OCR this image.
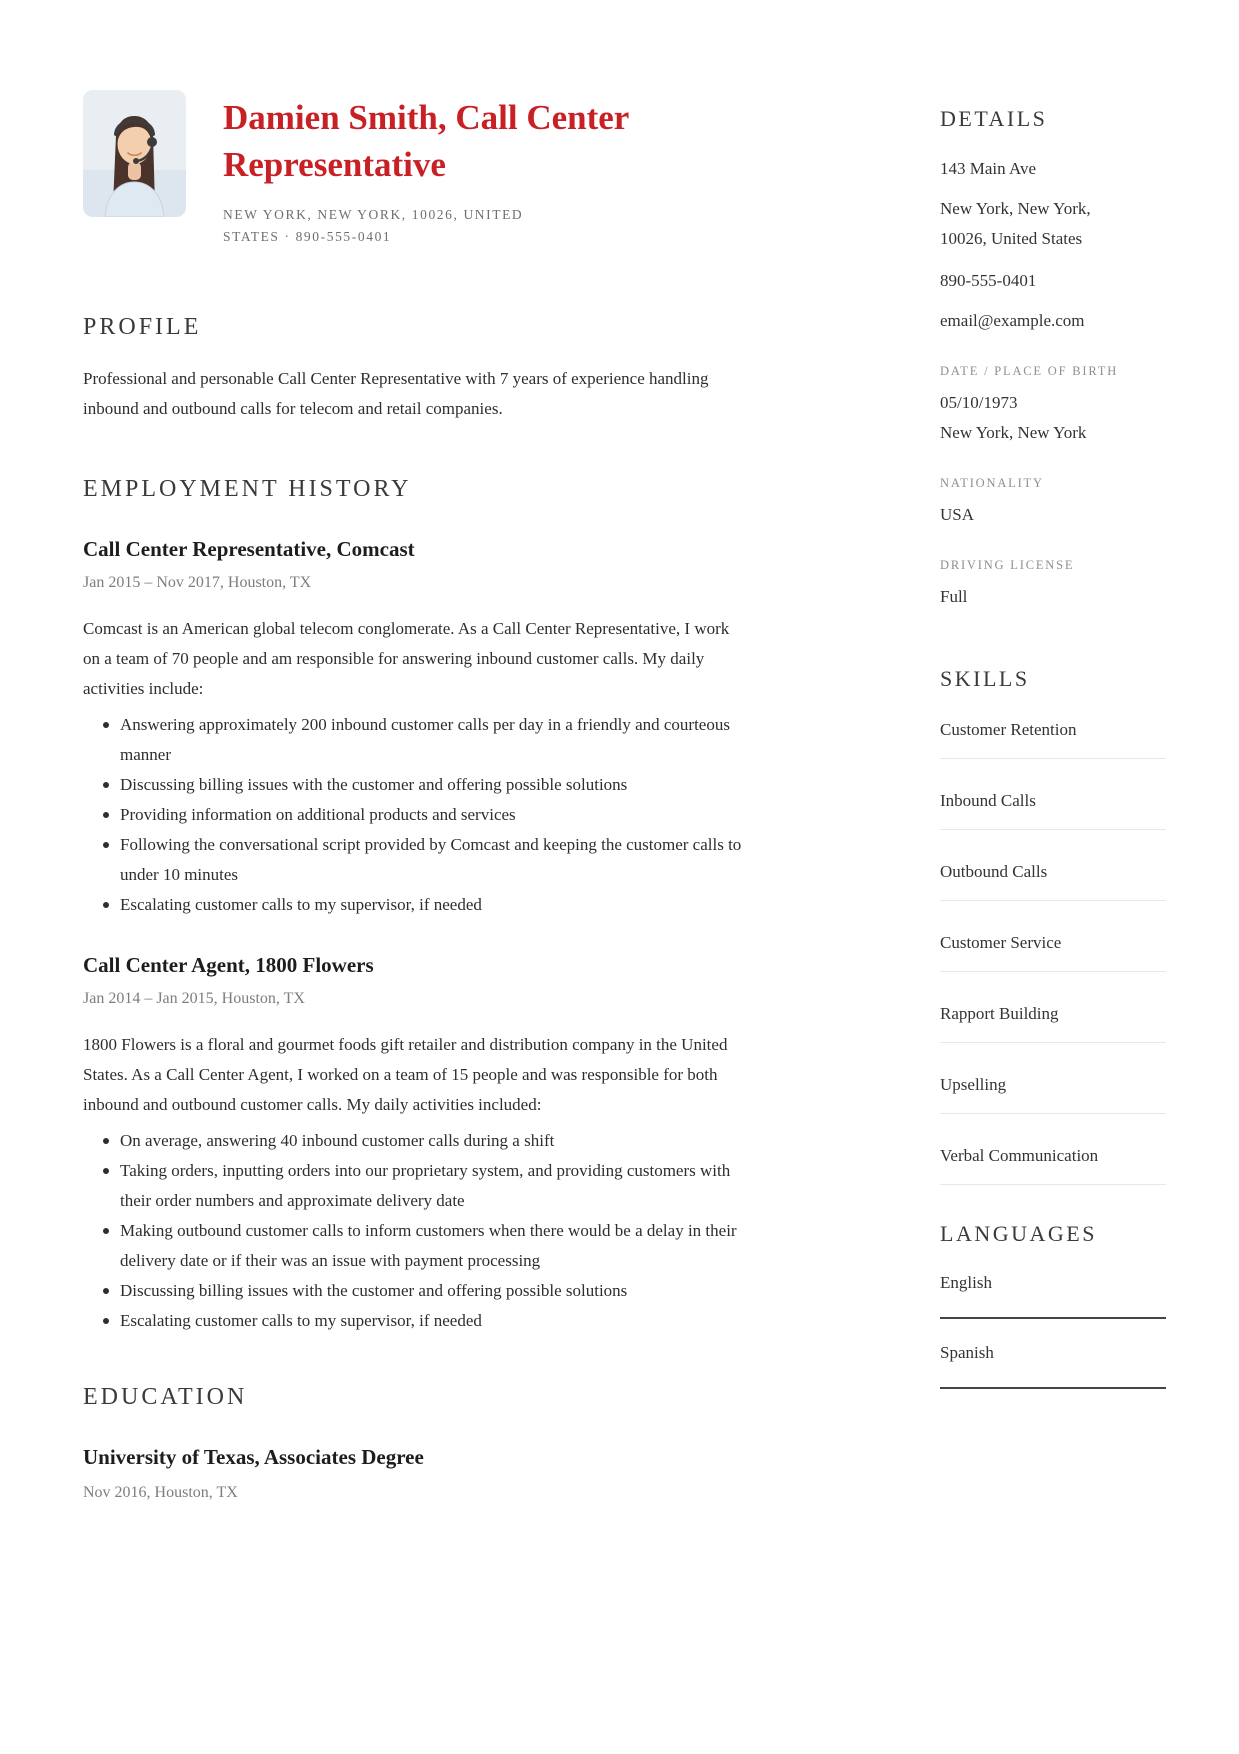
Damien Smith, Call Center Representative
NEW YORK, NEW YORK, 10026, UNITED STATES · 890-555-0401
PROFILE

Professional and personable Call Center Representative with 7 years of experience handling inbound and outbound calls for telecom and retail companies.

EMPLOYMENT HISTORY
Call Center Representative, Comcast
Jan 2015 – Nov 2017, Houston, TX

Comcast is an American global telecom conglomerate. As a Call Center Representative, I work on a team of 70 people and am responsible for answering inbound customer calls. My daily activities include:

Answering approximately 200 inbound customer calls per day in a friendly and courteous manner
Discussing billing issues with the customer and offering possible solutions
Providing information on additional products and services
Following the conversational script provided by Comcast and keeping the customer calls to under 10 minutes
Escalating customer calls to my supervisor, if needed
Call Center Agent, 1800 Flowers
Jan 2014 – Jan 2015, Houston, TX

1800 Flowers is a floral and gourmet foods gift retailer and distribution company in the United States. As a Call Center Agent, I worked on a team of 15 people and was responsible for both inbound and outbound customer calls. My daily activities included:

On average, answering 40 inbound customer calls during a shift
Taking orders, inputting orders into our proprietary system, and providing customers with their order numbers and approximate delivery date
Making outbound customer calls to inform customers when there would be a delay in their delivery date or if their was an issue with payment processing
Discussing billing issues with the customer and offering possible solutions
Escalating customer calls to my supervisor, if needed
EDUCATION
University of Texas, Associates Degree
Nov 2016, Houston, TX
DETAILS

143 Main Ave

New York, New York, 10026, United States

890-555-0401

email@example.com

DATE / PLACE OF BIRTH

05/10/1973
New York, New York

NATIONALITY

USA

DRIVING LICENSE

Full

SKILLS
Customer Retention
Inbound Calls
Outbound Calls
Customer Service
Rapport Building
Upselling
Verbal Communication
LANGUAGES
English
Spanish
